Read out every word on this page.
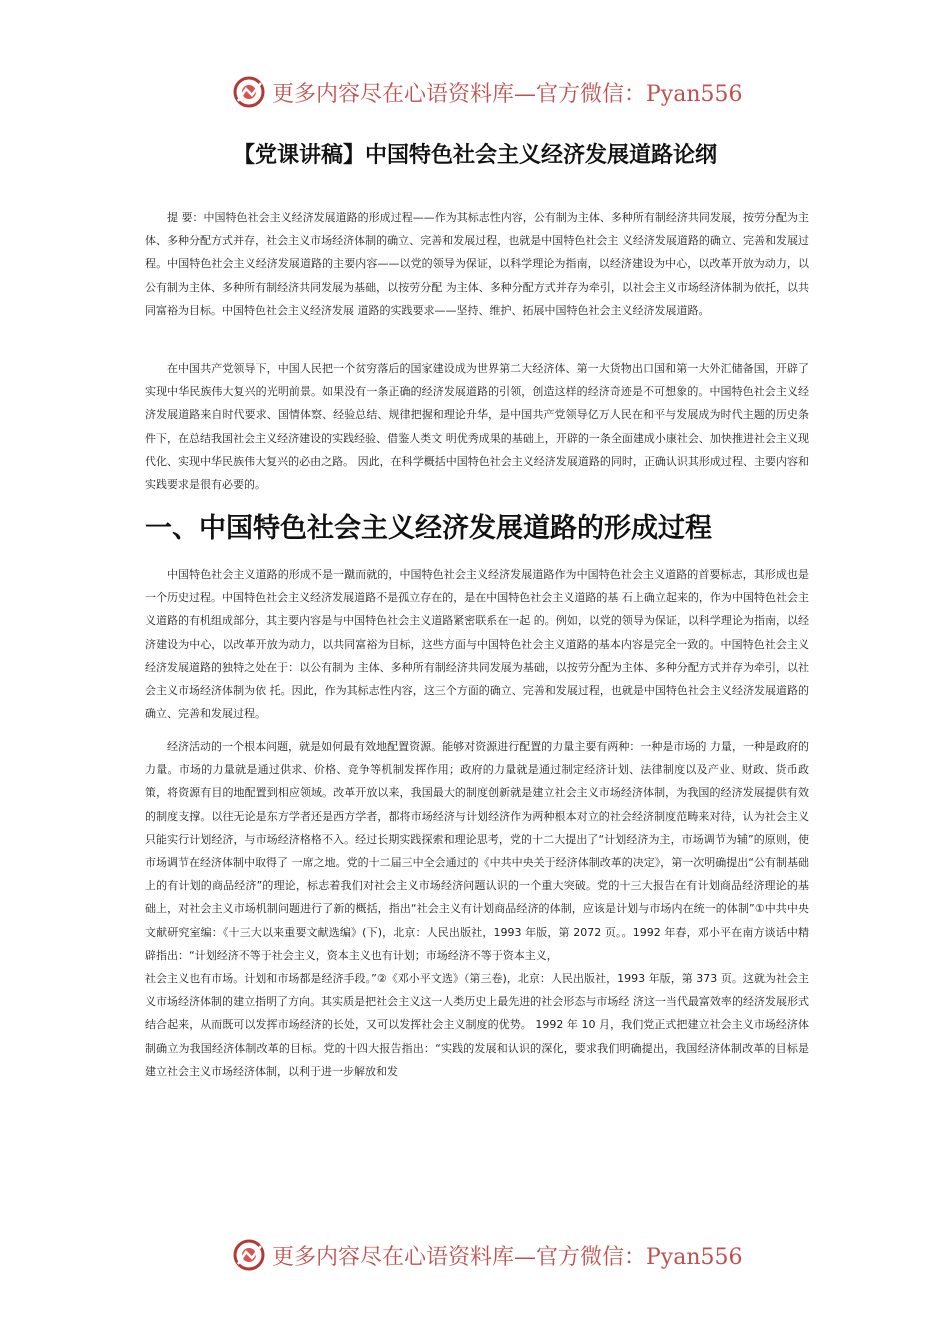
更多内容尽在心语资料库—官方微信：Pyan556
【党课讲稿】中国特色社会主义经济发展道路论纲

提 要：中国特色社会主义经济发展道路的形成过程——作为其标志性内容，公有制为主体、多种所有制经济共同发展，按劳分配为主体、多种分配方式并存，社会主义市场经济体制的确立、完善和发展过程，也就是中国特色社会主 义经济发展道路的确立、完善和发展过程。中国特色社会主义经济发展道路的主要内容——以党的领导为保证，以科学理论为指南，以经济建设为中心，以改革开放为动力，以公有制为主体、多种所有制经济共同发展为基础，以按劳分配 为主体、多种分配方式并存为牵引，以社会主义市场经济体制为依托，以共同富裕为目标。中国特色社会主义经济发展 道路的实践要求——坚持、维护、拓展中国特色社会主义经济发展道路。

在中国共产党领导下，中国人民把一个贫穷落后的国家建设成为世界第二大经济体、第一大货物出口国和第一大外汇储备国，开辟了实现中华民族伟大复兴的光明前景。如果没有一条正确的经济发展道路的引领，创造这样的经济奇迹是不可想象的。中国特色社会主义经济发展道路来自时代要求、国情体察、经验总结、规律把握和理论升华，是中国共产党领导亿万人民在和平与发展成为时代主题的历史条件下，在总结我国社会主义经济建设的实践经验、借鉴人类文 明优秀成果的基础上，开辟的一条全面建成小康社会、加快推进社会主义现代化、实现中华民族伟大复兴的必由之路。 因此，在科学概括中国特色社会主义经济发展道路的同时，正确认识其形成过程、主要内容和实践要求是很有必要的。

一、中国特色社会主义经济发展道路的形成过程

中国特色社会主义道路的形成不是一蹴而就的，中国特色社会主义经济发展道路作为中国特色社会主义道路的首要标志，其形成也是一个历史过程。中国特色社会主义经济发展道路不是孤立存在的，是在中国特色社会主义道路的基 石上确立起来的，作为中国特色社会主义道路的有机组成部分，其主要内容是与中国特色社会主义道路紧密联系在一起 的。例如，以党的领导为保证，以科学理论为指南，以经济建设为中心，以改革开放为动力，以共同富裕为目标，这些方面与中国特色社会主义道路的基本内容是完全一致的。中国特色社会主义经济发展道路的独特之处在于：以公有制为 主体、多种所有制经济共同发展为基础，以按劳分配为主体、多种分配方式并存为牵引，以社会主义市场经济体制为依 托。因此，作为其标志性内容，这三个方面的确立、完善和发展过程，也就是中国特色社会主义经济发展道路的确立、完善和发展过程。

经济活动的一个根本问题，就是如何最有效地配置资源。能够对资源进行配置的力量主要有两种：一种是市场的 力量，一种是政府的力量。市场的力量就是通过供求、价格、竞争等机制发挥作用；政府的力量就是通过制定经济计划、法律制度以及产业、财政、货币政策，将资源有目的地配置到相应领域。改革开放以来，我国最大的制度创新就是建立社会主义市场经济体制，为我国的经济发展提供有效的制度支撑。以往无论是东方学者还是西方学者，都将市场经济与计划经济作为两种根本对立的社会经济制度范畴来对待，认为社会主义只能实行计划经济，与市场经济格格不入。经过长期实践探索和理论思考，党的十二大提出了“计划经济为主，市场调节为辅”的原则，使市场调节在经济体制中取得了 一席之地。党的十二届三中全会通过的《中共中央关于经济体制改革的决定》，第一次明确提出“公有制基础上的有计划的商品经济”的理论，标志着我们对社会主义市场经济问题认识的一个重大突破。党的十三大报告在有计划商品经济理论的基础上，对社会主义市场机制问题进行了新的概括，指出“社会主义有计划商品经济的体制，应该是计划与市场内在统一的体制”①中共中央文献研究室编：《十三大以来重要文献选编》(下)，北京：人民出版社，1993 年版，第 2072 页。。1992 年春，邓小平在南方谈话中精辟指出：“计划经济不等于社会主义，资本主义也有计划；市场经济不等于资本主义，

社会主义也有市场。计划和市场都是经济手段。”②《邓小平文选》（第三卷)，北京：人民出版社，1993 年版，第 373 页。这就为社会主义市场经济体制的建立指明了方向。其实质是把社会主义这一人类历史上最先进的社会形态与市场经 济这一当代最富效率的经济发展形式结合起来，从而既可以发挥市场经济的长处，又可以发挥社会主义制度的优势。 1992 年 10 月，我们党正式把建立社会主义市场经济体制确立为我国经济体制改革的目标。党的十四大报告指出：“实践的发展和认识的深化，要求我们明确提出，我国经济体制改革的目标是建立社会主义市场经济体制，以利于进一步解放和发

更多内容尽在心语资料库—官方微信：Pyan556
